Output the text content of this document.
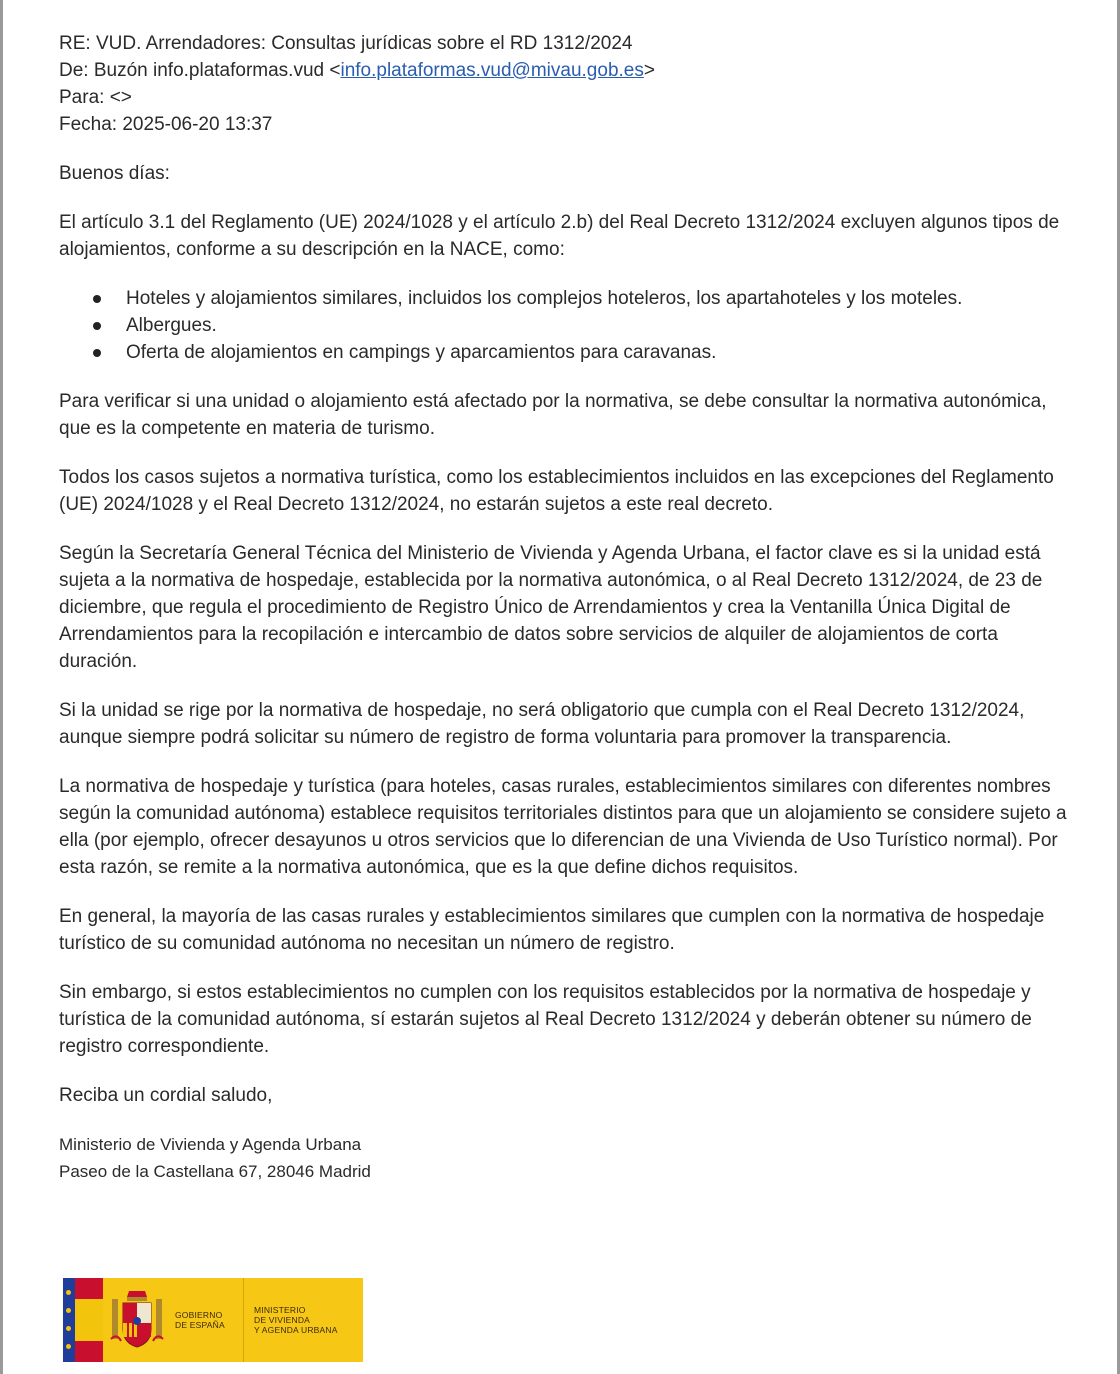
RE: VUD. Arrendadores: Consultas jurídicas sobre el RD 1312/2024
De: Buzón info.plataformas.vud <info.plataformas.vud@mivau.gob.es>
Para: <>
Fecha: 2025-06-20 13:37

Buenos días:

El artículo 3.1 del Reglamento (UE) 2024/1028 y el artículo 2.b) del Real Decreto 1312/2024 excluyen algunos tipos de alojamientos, conforme a su descripción en la NACE, como:

Hoteles y alojamientos similares, incluidos los complejos hoteleros, los apartahoteles y los moteles.
Albergues.
Oferta de alojamientos en campings y aparcamientos para caravanas.

Para verificar si una unidad o alojamiento está afectado por la normativa, se debe consultar la normativa autonómica, que es la competente en materia de turismo.

Todos los casos sujetos a normativa turística, como los establecimientos incluidos en las excepciones del Reglamento (UE) 2024/1028 y el Real Decreto 1312/2024, no estarán sujetos a este real decreto.

Según la Secretaría General Técnica del Ministerio de Vivienda y Agenda Urbana, el factor clave es si la unidad está sujeta a la normativa de hospedaje, establecida por la normativa autonómica, o al Real Decreto 1312/2024, de 23 de diciembre, que regula el procedimiento de Registro Único de Arrendamientos y crea la Ventanilla Única Digital de Arrendamientos para la recopilación e intercambio de datos sobre servicios de alquiler de alojamientos de corta duración.

Si la unidad se rige por la normativa de hospedaje, no será obligatorio que cumpla con el Real Decreto 1312/2024, aunque siempre podrá solicitar su número de registro de forma voluntaria para promover la transparencia.

La normativa de hospedaje y turística (para hoteles, casas rurales, establecimientos similares con diferentes nombres según la comunidad autónoma) establece requisitos territoriales distintos para que un alojamiento se considere sujeto a ella (por ejemplo, ofrecer desayunos u otros servicios que lo diferencian de una Vivienda de Uso Turístico normal). Por esta razón, se remite a la normativa autonómica, que es la que define dichos requisitos.

En general, la mayoría de las casas rurales y establecimientos similares que cumplen con la normativa de hospedaje turístico de su comunidad autónoma no necesitan un número de registro.

Sin embargo, si estos establecimientos no cumplen con los requisitos establecidos por la normativa de hospedaje y turística de la comunidad autónoma, sí estarán sujetos al Real Decreto 1312/2024 y deberán obtener su número de registro correspondiente.

Reciba un cordial saludo,

Ministerio de Vivienda y Agenda Urbana
Paseo de la Castellana 67, 28046 Madrid
GOBIERNO
DE ESPAÑA
MINISTERIO
DE VIVIENDA
Y AGENDA URBANA
